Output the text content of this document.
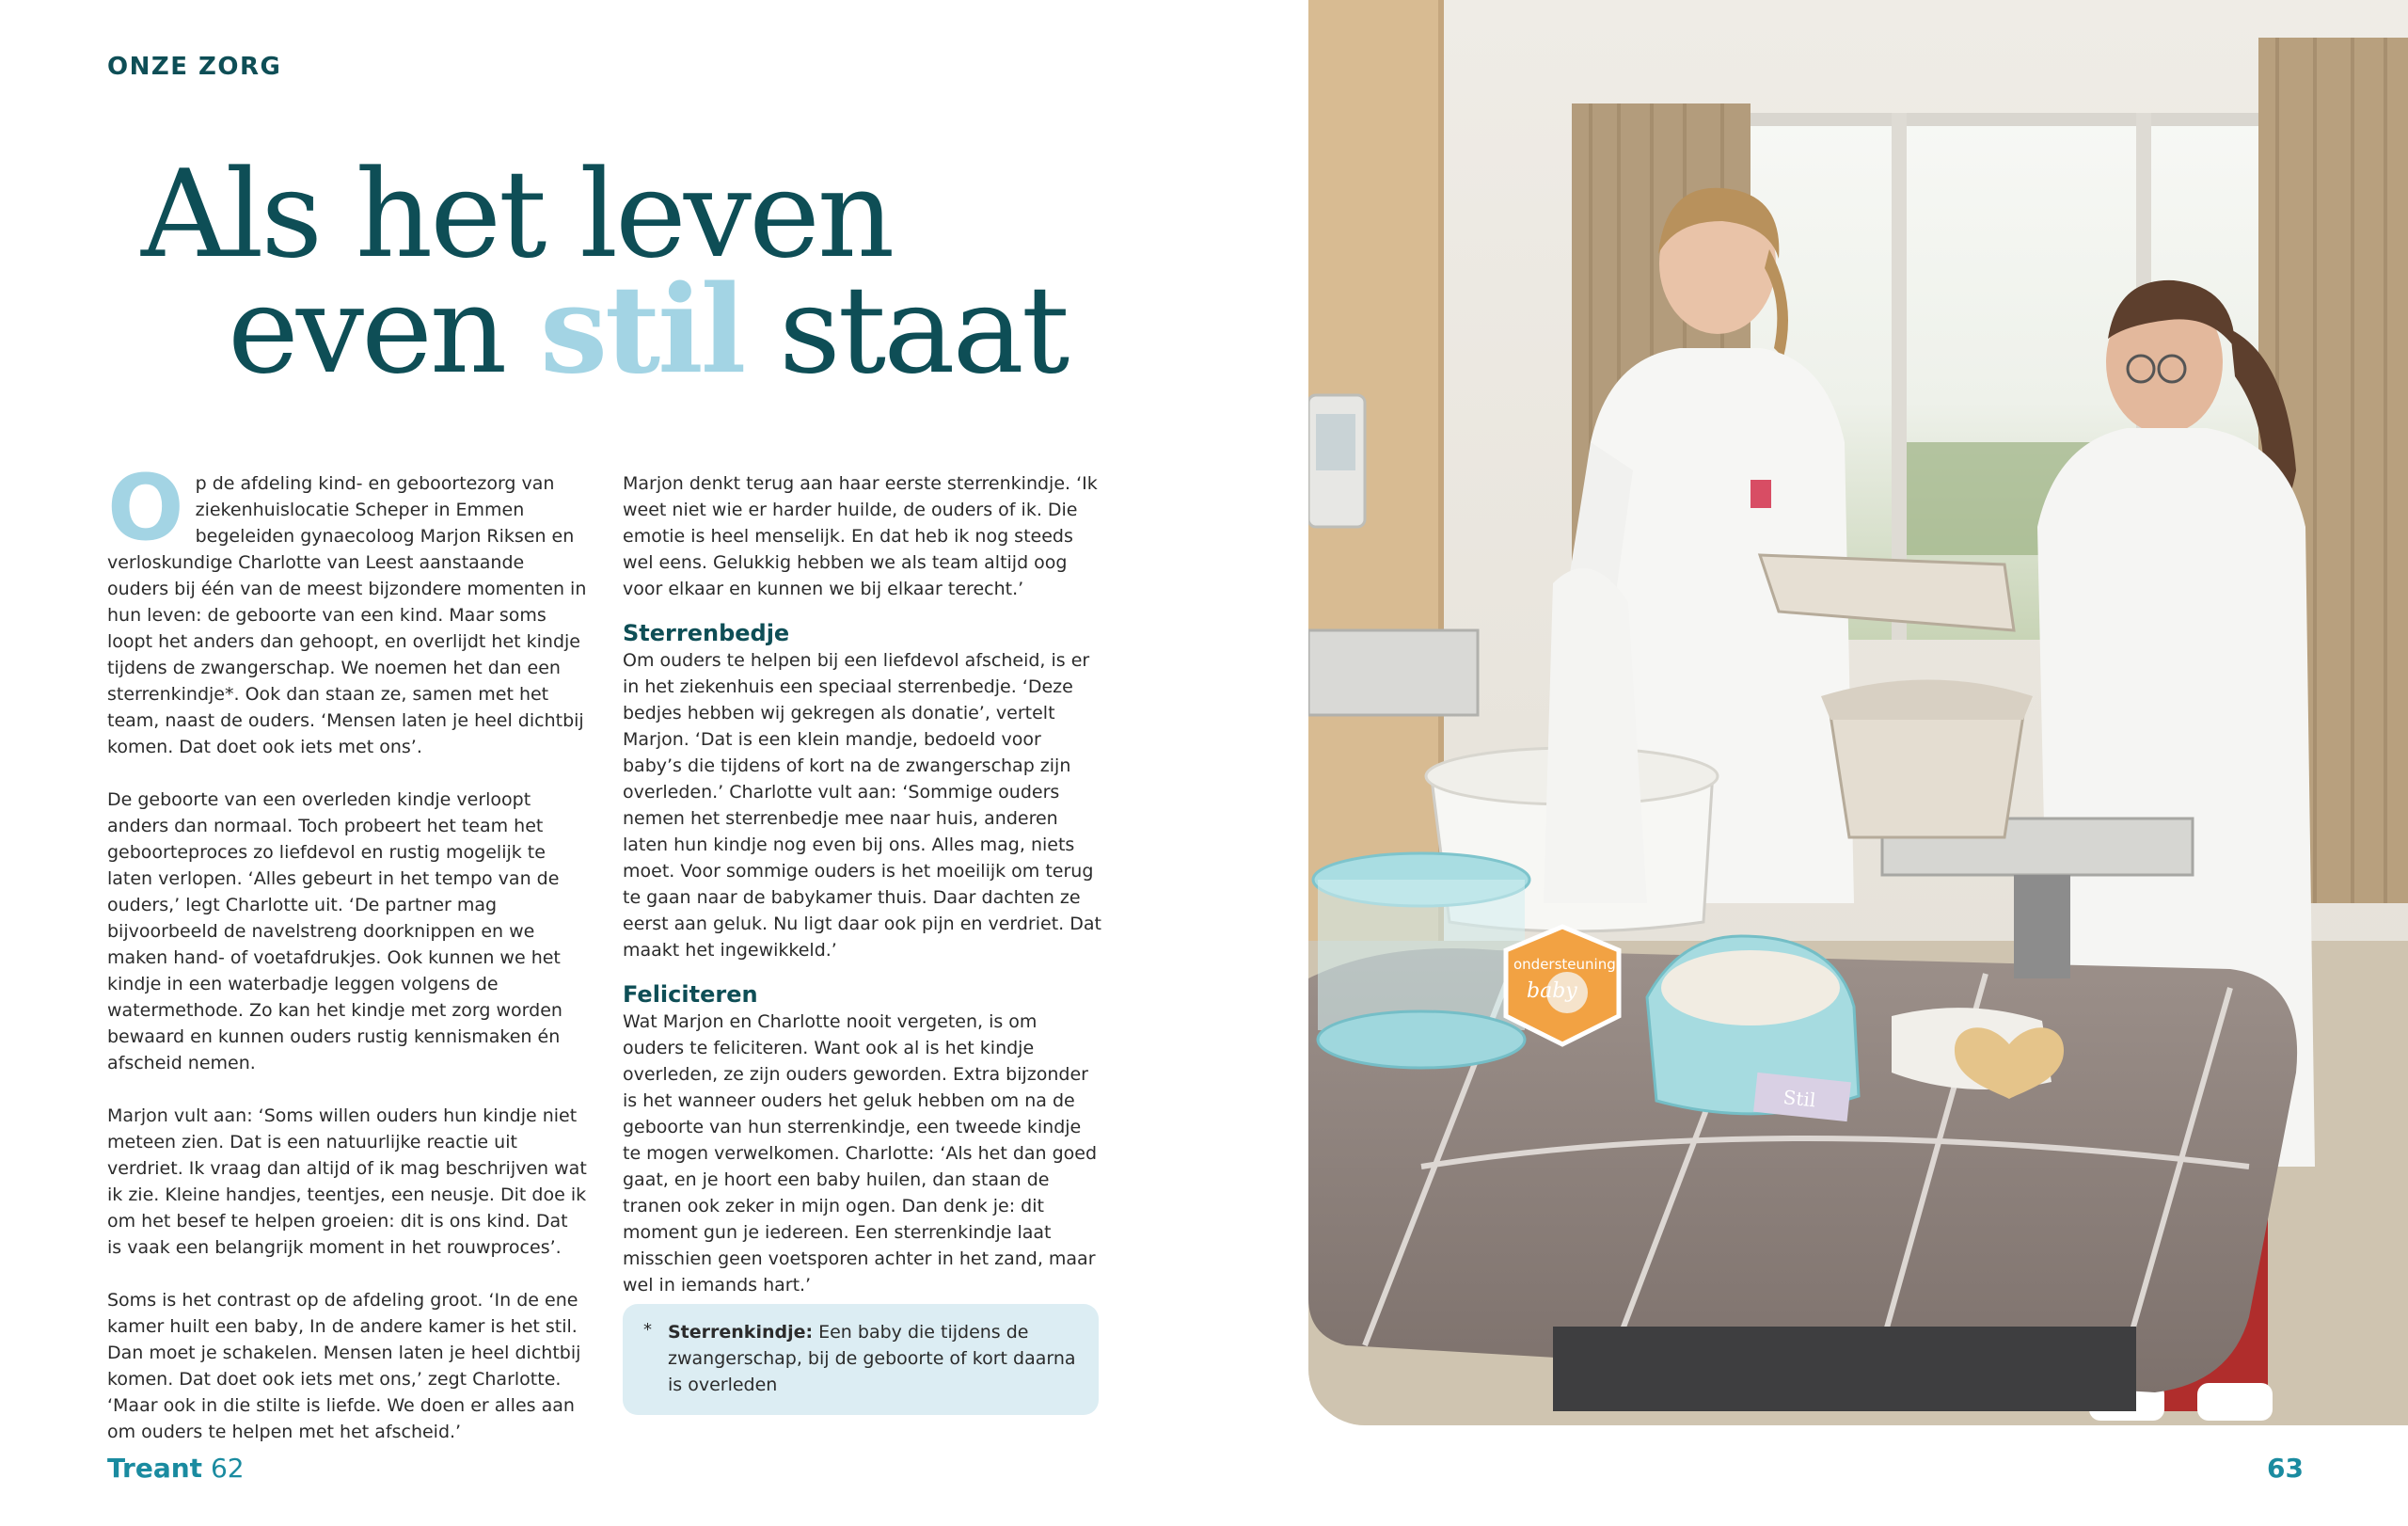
ONZE ZORG
Als het leven
even stil staat

Op de afdeling kind- en geboortezorg van ziekenhuislocatie Scheper in Emmen begeleiden gynaecoloog Marjon Riksen en verloskundige Charlotte van Leest aanstaande ouders bij één van de meest bijzondere momenten in hun leven: de geboorte van een kind. Maar soms loopt het anders dan gehoopt, en overlijdt het kindje tijdens de zwangerschap. We noemen het dan een sterrenkindje*. Ook dan staan ze, samen met het team, naast de ouders. ‘Mensen laten je heel dichtbij komen. Dat doet ook iets met ons’.

De geboorte van een overleden kindje verloopt anders dan normaal. Toch probeert het team het geboorteproces zo liefdevol en rustig mogelijk te laten verlopen. ‘Alles gebeurt in het tempo van de ouders,’ legt Charlotte uit. ‘De partner mag bijvoorbeeld de navelstreng doorknippen en we maken hand- of voetafdrukjes. Ook kunnen we het kindje in een waterbadje leggen volgens de watermethode. Zo kan het kindje met zorg worden bewaard en kunnen ouders rustig kennismaken én afscheid nemen.

Marjon vult aan: ‘Soms willen ouders hun kindje niet meteen zien. Dat is een natuurlijke reactie uit verdriet. Ik vraag dan altijd of ik mag beschrijven wat ik zie. Kleine handjes, teentjes, een neusje. Dit doe ik om het besef te helpen groeien: dit is ons kind. Dat is vaak een belangrijk moment in het rouwproces’.

Soms is het contrast op de afdeling groot. ‘In de ene kamer huilt een baby, In de andere kamer is het stil. Dan moet je schakelen. Mensen laten je heel dichtbij komen. Dat doet ook iets met ons,’ zegt Charlotte. ‘Maar ook in die stilte is liefde. We doen er alles aan om ouders te helpen met het afscheid.’

Marjon denkt terug aan haar eerste sterrenkindje. ‘Ik weet niet wie er harder huilde, de ouders of ik. Die emotie is heel menselijk. En dat heb ik nog steeds wel eens. Gelukkig hebben we als team altijd oog voor elkaar en kunnen we bij elkaar terecht.’

Sterrenbedje

Om ouders te helpen bij een liefdevol afscheid, is er in het ziekenhuis een speciaal sterrenbedje. ‘Deze bedjes hebben wij gekregen als donatie’, vertelt Marjon. ‘Dat is een klein mandje, bedoeld voor baby’s die tijdens of kort na de zwangerschap zijn overleden.’ Charlotte vult aan: ‘Sommige ouders nemen het sterrenbedje mee naar huis, anderen laten hun kindje nog even bij ons. Alles mag, niets moet. Voor sommige ouders is het moeilijk om terug te gaan naar de babykamer thuis. Daar dachten ze eerst aan geluk. Nu ligt daar ook pijn en verdriet. Dat maakt het ingewikkeld.’

Feliciteren

Wat Marjon en Charlotte nooit vergeten, is om ouders te feliciteren. Want ook al is het kindje overleden, ze zijn ouders geworden. Extra bijzonder is het wanneer ouders het geluk hebben om na de geboorte van hun sterrenkindje, een tweede kindje te mogen verwelkomen. Charlotte: ‘Als het dan goed gaat, en je hoort een baby huilen, dan staan de tranen ook zeker in mijn ogen. Dan denk je: dit moment gun je iedereen. Een sterrenkindje laat misschien geen voetsporen achter in het zand, maar wel in iemands hart.’

* Sterrenkindje: Een baby die tijdens de zwangerschap, bij de geboorte of kort daarna is overleden
Treant 62	63
ondersteuning
baby
Stil
